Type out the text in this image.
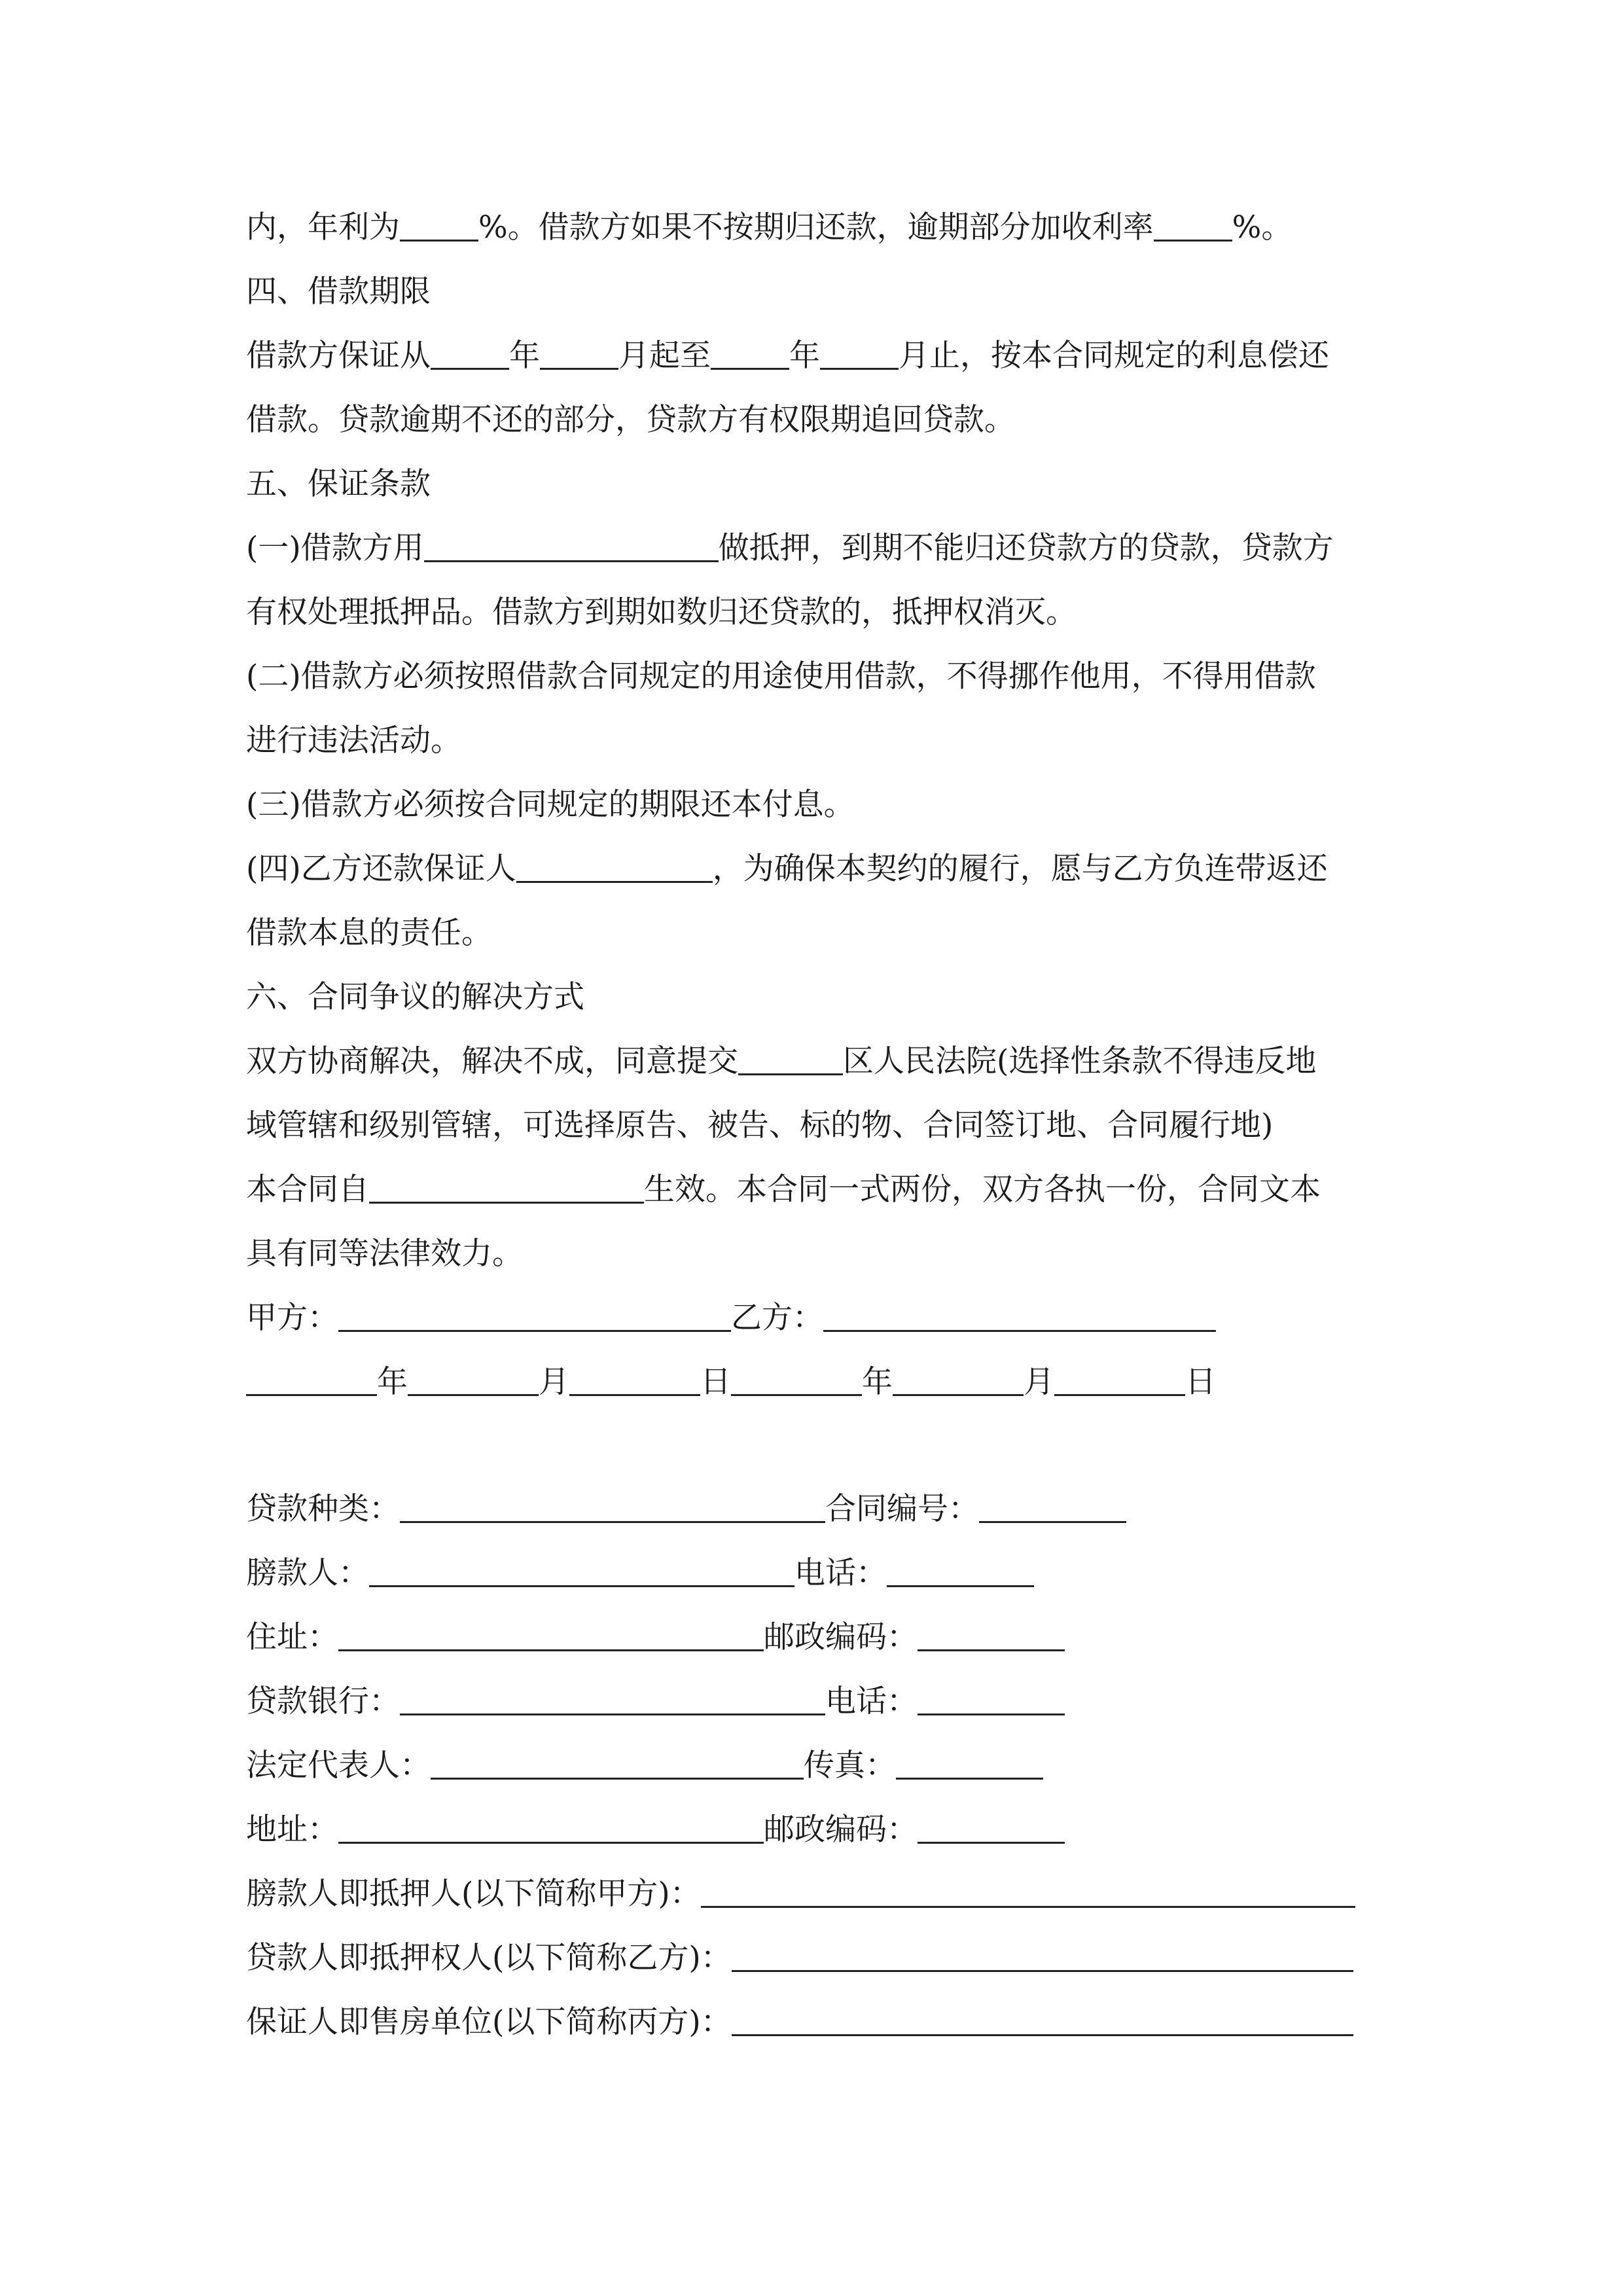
内，年利为	%。借款方如果不按期归还款，逾期部分加收利率	%。
四、借款期限
借款方保证从	年	月起至	年	月止，按本合同规定的利息偿还
借款。贷款逾期不还的部分，贷款方有权限期追回贷款。
五、保证条款
(一)借款方用	做抵押，到期不能归还贷款方的贷款，贷款方
有权处理抵押品。借款方到期如数归还贷款的，抵押权消灭。
(二)借款方必须按照借款合同规定的用途使用借款，不得挪作他用，不得用借款
进行违法活动。
(三)借款方必须按合同规定的期限还本付息。
(四)乙方还款保证人	，为确保本契约的履行，愿与乙方负连带返还
借款本息的责任。
六、合同争议的解决方式
双方协商解决，解决不成，同意提交	区人民法院(选择性条款不得违反地
域管辖和级别管辖，可选择原告、被告、标的物、合同签订地、合同履行地)
本合同自	生效。本合同一式两份，双方各执一份，合同文本
具有同等法律效力。
甲方：	乙方：
年	月	日	年	月	日
贷款种类：	合同编号：
膀款人：	电话：
住址：	邮政编码：
贷款银行：	电话：
法定代表人：	传真：
地址：	邮政编码：
膀款人即抵押人(以下简称甲方)：
贷款人即抵押权人(以下简称乙方)：
保证人即售房单位(以下简称丙方)：
